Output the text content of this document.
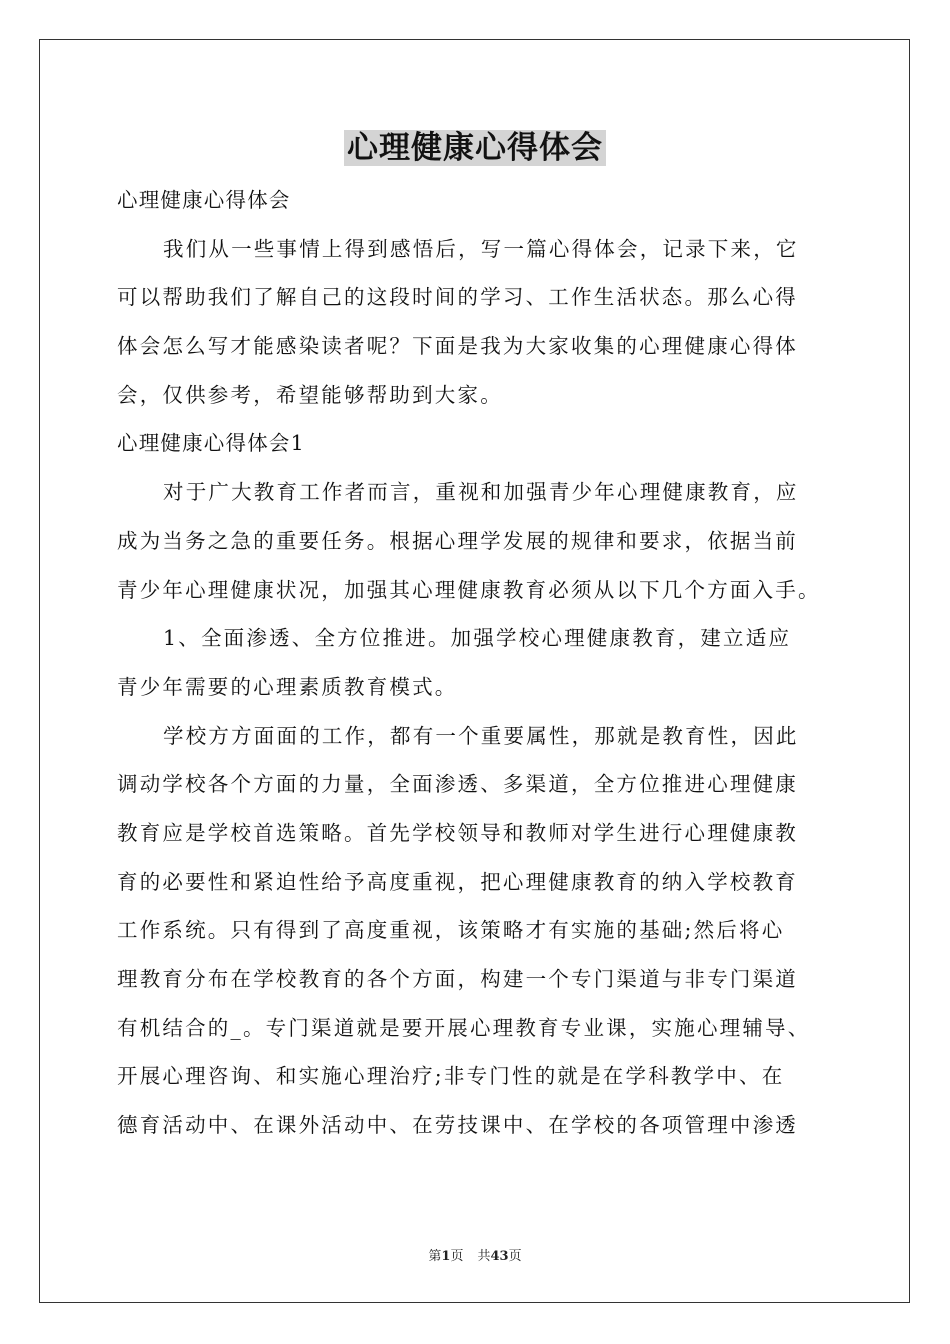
心理健康心得体会
心理健康心得体会
我们从一些事情上得到感悟后，写一篇心得体会，记录下来，它
可以帮助我们了解自己的这段时间的学习、工作生活状态。那么心得
体会怎么写才能感染读者呢？下面是我为大家收集的心理健康心得体
会，仅供参考，希望能够帮助到大家。
心理健康心得体会1
对于广大教育工作者而言，重视和加强青少年心理健康教育，应
成为当务之急的重要任务。根据心理学发展的规律和要求，依据当前
青少年心理健康状况，加强其心理健康教育必须从以下几个方面入手。
1、全面渗透、全方位推进。加强学校心理健康教育，建立适应
青少年需要的心理素质教育模式。
学校方方面面的工作，都有一个重要属性，那就是教育性，因此
调动学校各个方面的力量，全面渗透、多渠道，全方位推进心理健康
教育应是学校首选策略。首先学校领导和教师对学生进行心理健康教
育的必要性和紧迫性给予高度重视，把心理健康教育的纳入学校教育
工作系统。只有得到了高度重视，该策略才有实施的基础;然后将心
理教育分布在学校教育的各个方面，构建一个专门渠道与非专门渠道
有机结合的_。专门渠道就是要开展心理教育专业课，实施心理辅导、
开展心理咨询、和实施心理治疗;非专门性的就是在学科教学中、在
德育活动中、在课外活动中、在劳技课中、在学校的各项管理中渗透
第1页 共43页
